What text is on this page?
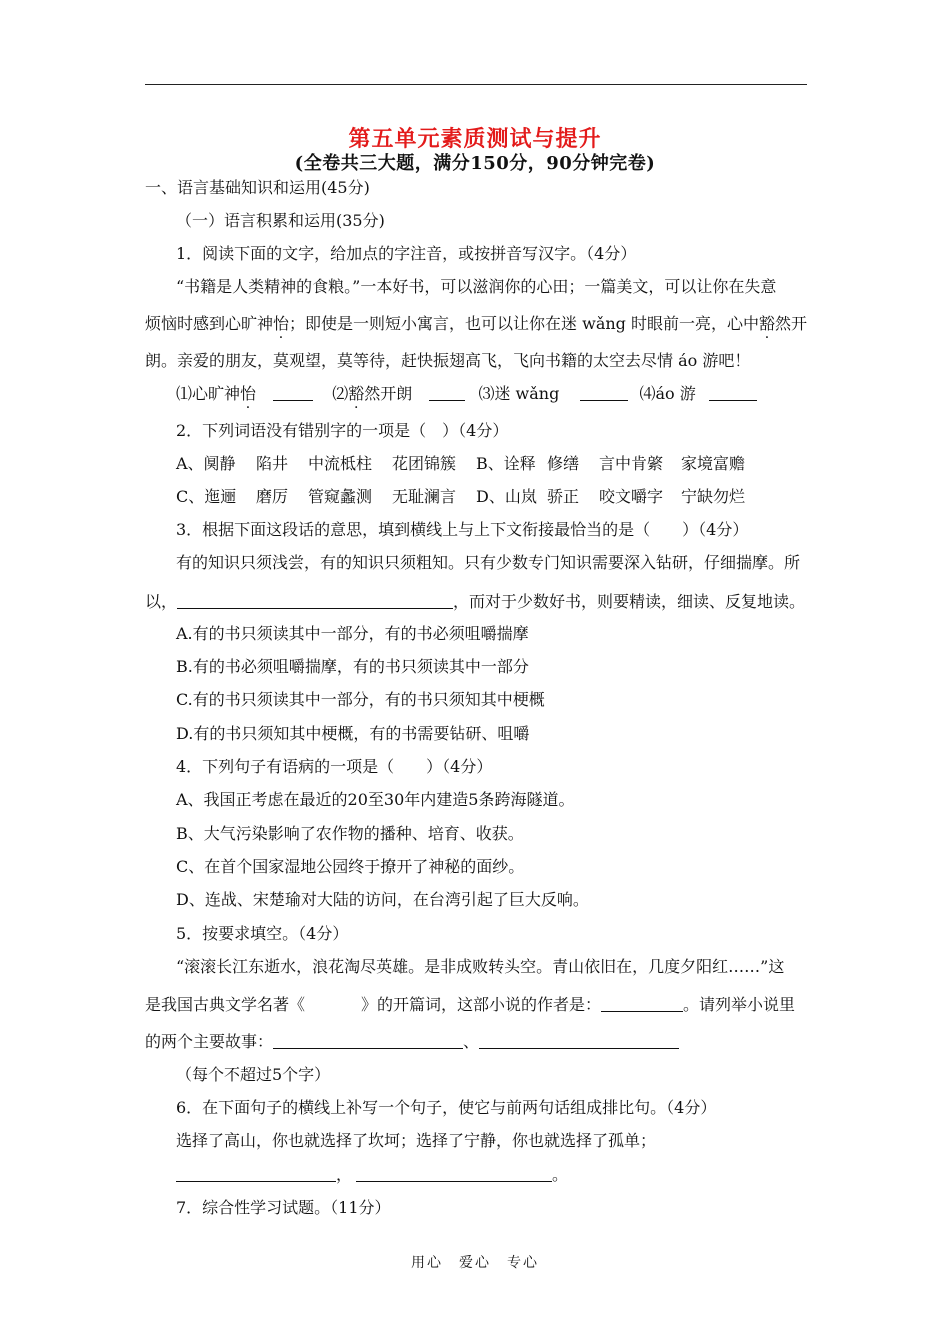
第五单元素质测试与提升
(全卷共三大题，满分150分，90分钟完卷)
一、语言基础知识和运用(45分)
（一）语言积累和运用(35分)
1．阅读下面的文字，给加点的字注音，或按拼音写汉字。（4分）
“书籍是人类精神的食粮。”一本好书，可以滋润你的心田；一篇美文，可以让你在失意
烦恼时感到心旷神怡；即使是一则短小寓言，也可以让你在迷 wǎng 时眼前一亮，心中豁然开
朗。亲爱的朋友，莫观望，莫等待，赶快振翅高飞，飞向书籍的太空去尽情 áo 游吧！
⑴心旷神怡	⑵豁然开朗	⑶迷 wǎng	⑷áo 游
2．下列词语没有错别字的一项是（　）（4分）
A、阒静 陷井 中流柢柱 花团锦簇 B、诠释 修缮 言中肯綮 家境富赡
C、迤逦 磨厉 管窥蠡测 无耻澜言 D、山岚 骄正 咬文嚼字 宁缺勿烂
3．根据下面这段话的意思，填到横线上与上下文衔接最恰当的是（　　）（4分）
有的知识只须浅尝，有的知识只须粗知。只有少数专门知识需要深入钻研，仔细揣摩。所
以，	，而对于少数好书，则要精读，细读、反复地读。
A.有的书只须读其中一部分，有的书必须咀嚼揣摩
B.有的书必须咀嚼揣摩，有的书只须读其中一部分
C.有的书只须读其中一部分，有的书只须知其中梗概
D.有的书只须知其中梗概，有的书需要钻研、咀嚼
4．下列句子有语病的一项是（　　）（4分）
A、我国正考虑在最近的20至30年内建造5条跨海隧道。
B、大气污染影响了农作物的播种、培育、收获。
C、在首个国家湿地公园终于撩开了神秘的面纱。
D、连战、宋楚瑜对大陆的访问，在台湾引起了巨大反响。
5．按要求填空。（4分）
“滚滚长江东逝水，浪花淘尽英雄。是非成败转头空。青山依旧在，几度夕阳红……”这
是我国古典文学名著《	》的开篇词，这部小说的作者是：	。请列举小说里
的两个主要故事：	、
（每个不超过5个字）
6．在下面句子的横线上补写一个句子，使它与前两句话组成排比句。（4分）
选择了高山，你也就选择了坎坷；选择了宁静，你也就选择了孤单；
，	。
7．综合性学习试题。（11分）
用心　爱心　专心
